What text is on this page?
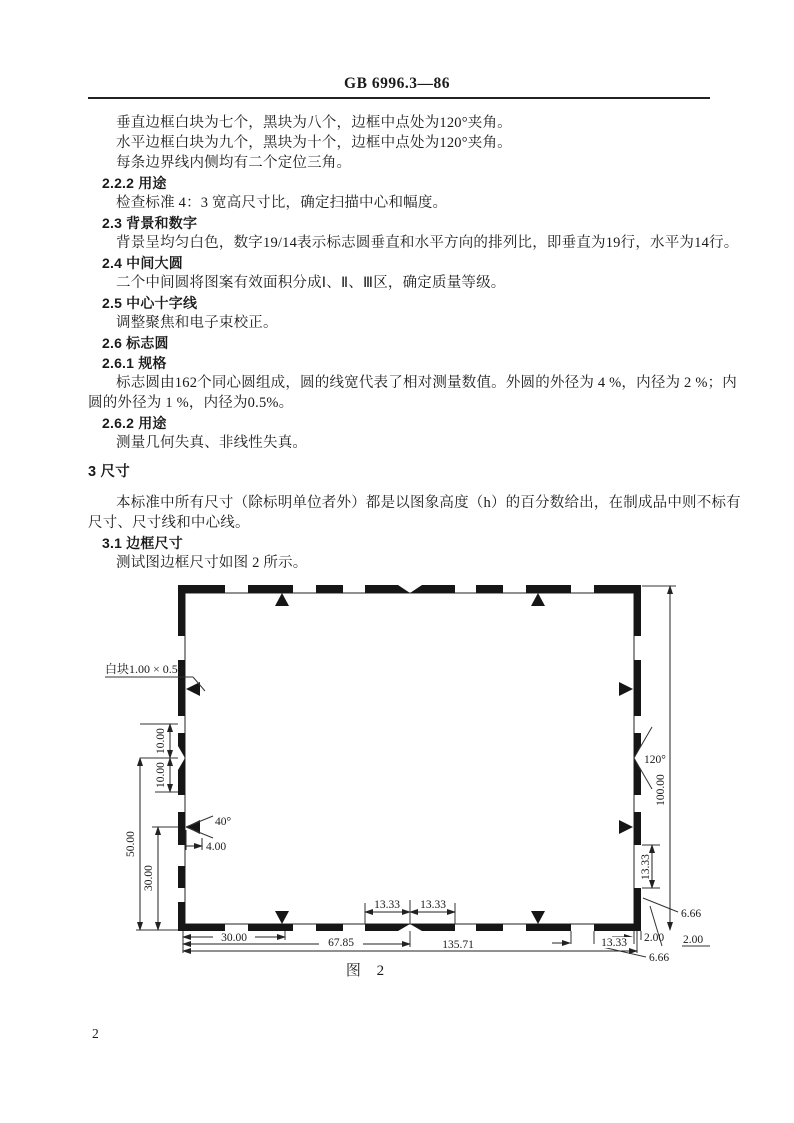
GB 6996.3—86
垂直边框白块为七个，黑块为八个，边框中点处为120°夹角。
水平边框白块为九个，黑块为十个，边框中点处为120°夹角。
每条边界线内侧均有二个定位三角。
2.2.2 用途
检查标准 4：3 宽高尺寸比，确定扫描中心和幅度。
2.3 背景和数字
背景呈均匀白色，数字19/14表示标志圆垂直和水平方向的排列比，即垂直为19行，水平为14行。
2.4 中间大圆
二个中间圆将图案有效面积分成Ⅰ、Ⅱ、Ⅲ区，确定质量等级。
2.5 中心十字线
调整聚焦和电子束校正。
2.6 标志圆
2.6.1 规格
标志圆由162个同心圆组成，圆的线宽代表了相对测量数值。外圆的外径为 4 %，内径为 2 %；内
圆的外径为 1 %，内径为0.5%。
2.6.2 用途
测量几何失真、非线性失真。
3 尺寸
本标准中所有尺寸（除标明单位者外）都是以图象高度（h）的百分数给出，在制成品中则不标有
尺寸、尺寸线和中心线。
3.1 边框尺寸
测试图边框尺寸如图 2 所示。
白块1.00 × 0.50
10.00
10.00
50.00
30.00
40°
4.00
120°
100.00
13.33
13.33 13.33
30.00	67.85	135.71	13.33
6.66
2.00 2.00
6.66
图 2
2
